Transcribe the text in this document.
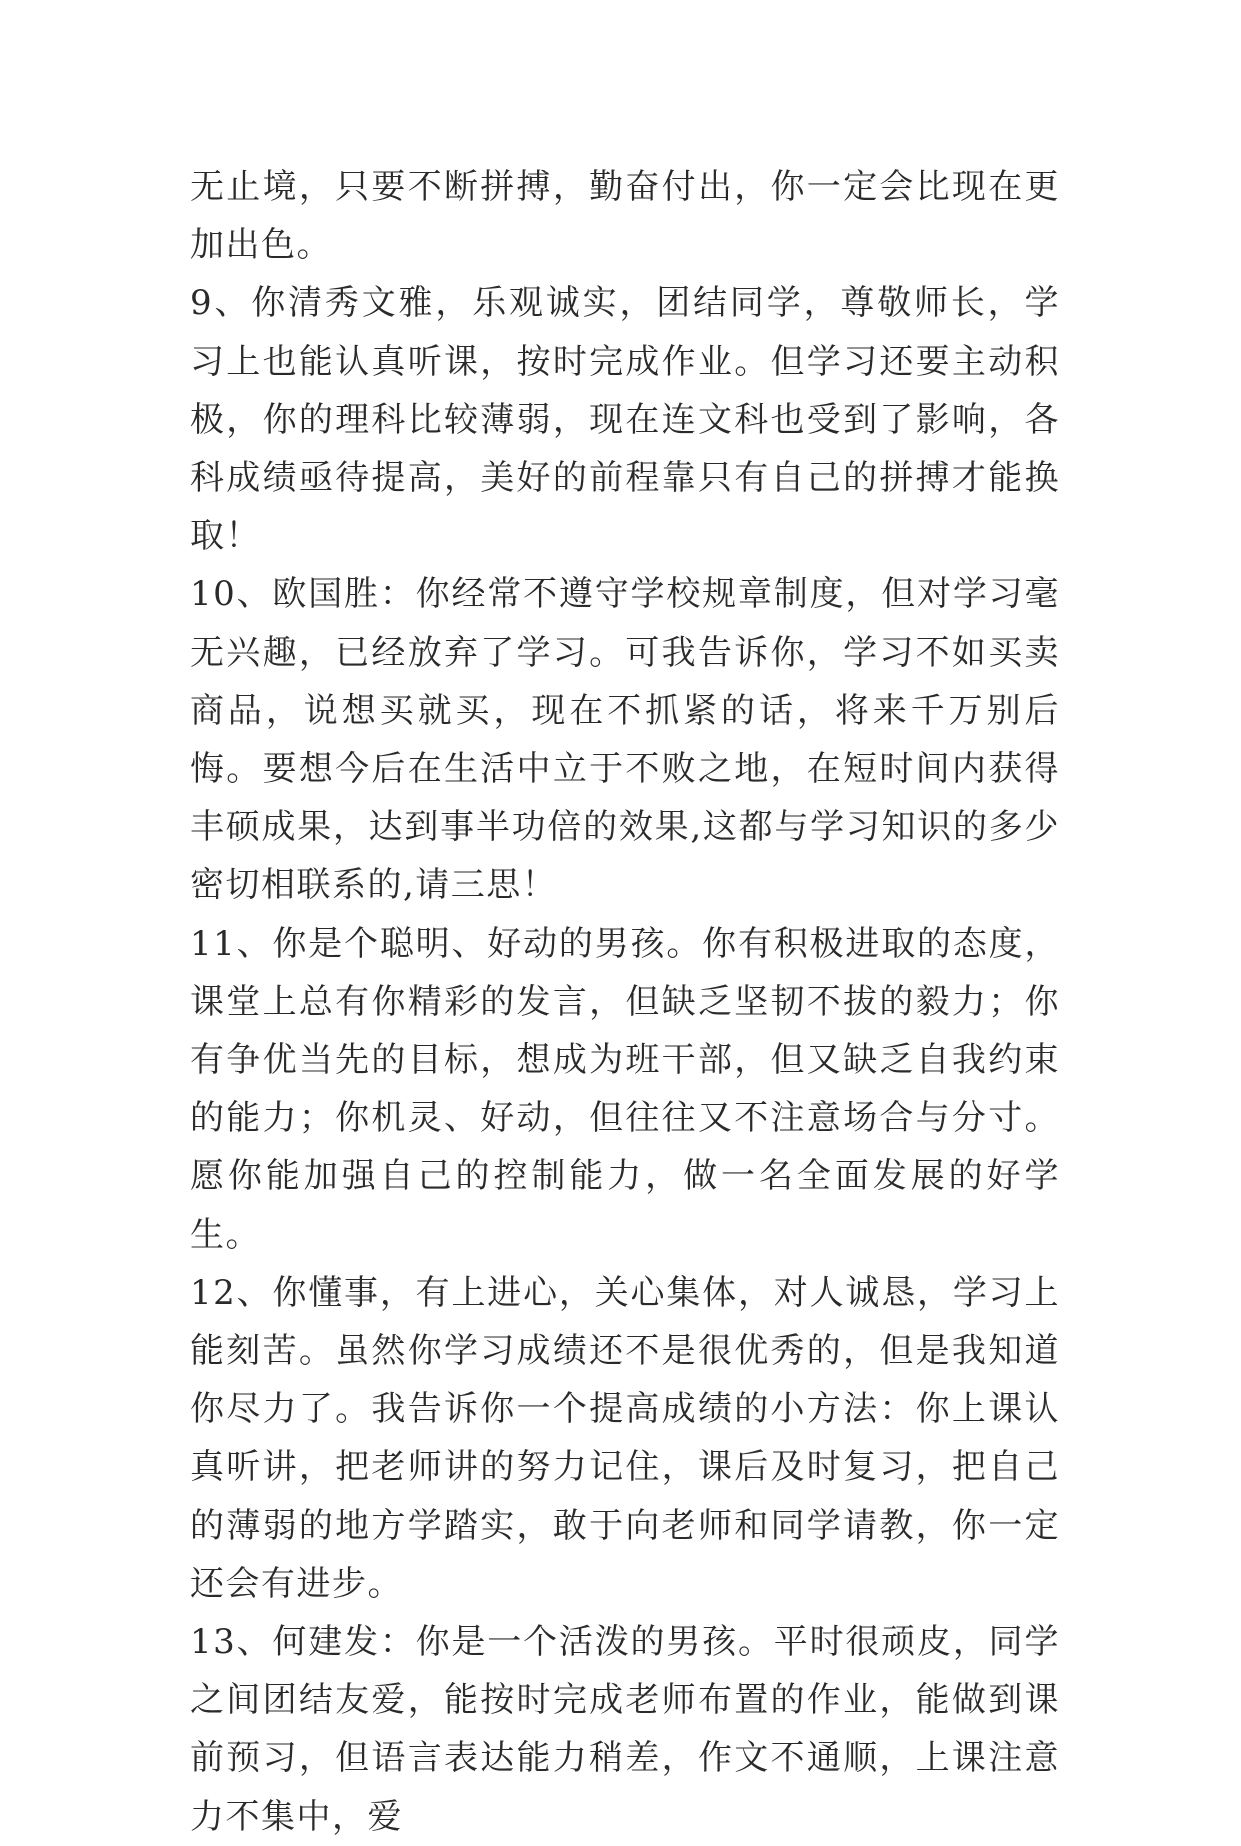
无止境，只要不断拼搏，勤奋付出，你一定会比现在更加出色。

9、你清秀文雅，乐观诚实，团结同学，尊敬师长，学习上也能认真听课，按时完成作业。但学习还要主动积极，你的理科比较薄弱，现在连文科也受到了影响，各科成绩亟待提高，美好的前程靠只有自己的拼搏才能换取！

10、欧国胜：你经常不遵守学校规章制度，但对学习毫无兴趣，已经放弃了学习。可我告诉你，学习不如买卖商品，说想买就买，现在不抓紧的话，将来千万别后悔。要想今后在生活中立于不败之地，在短时间内获得丰硕成果，达到事半功倍的效果,这都与学习知识的多少密切相联系的,请三思！

11、你是个聪明、好动的男孩。你有积极进取的态度，课堂上总有你精彩的发言，但缺乏坚韧不拔的毅力；你有争优当先的目标，想成为班干部，但又缺乏自我约束的能力；你机灵、好动，但往往又不注意场合与分寸。愿你能加强自己的控制能力，做一名全面发展的好学生。

12、你懂事，有上进心，关心集体，对人诚恳，学习上能刻苦。虽然你学习成绩还不是很优秀的，但是我知道你尽力了。我告诉你一个提高成绩的小方法：你上课认真听讲，把老师讲的努力记住，课后及时复习，把自己的薄弱的地方学踏实，敢于向老师和同学请教，你一定还会有进步。

13、何建发：你是一个活泼的男孩。平时很顽皮，同学之间团结友爱，能按时完成老师布置的作业，能做到课前预习，但语言表达能力稍差，作文不通顺，上课注意力不集中，爱
